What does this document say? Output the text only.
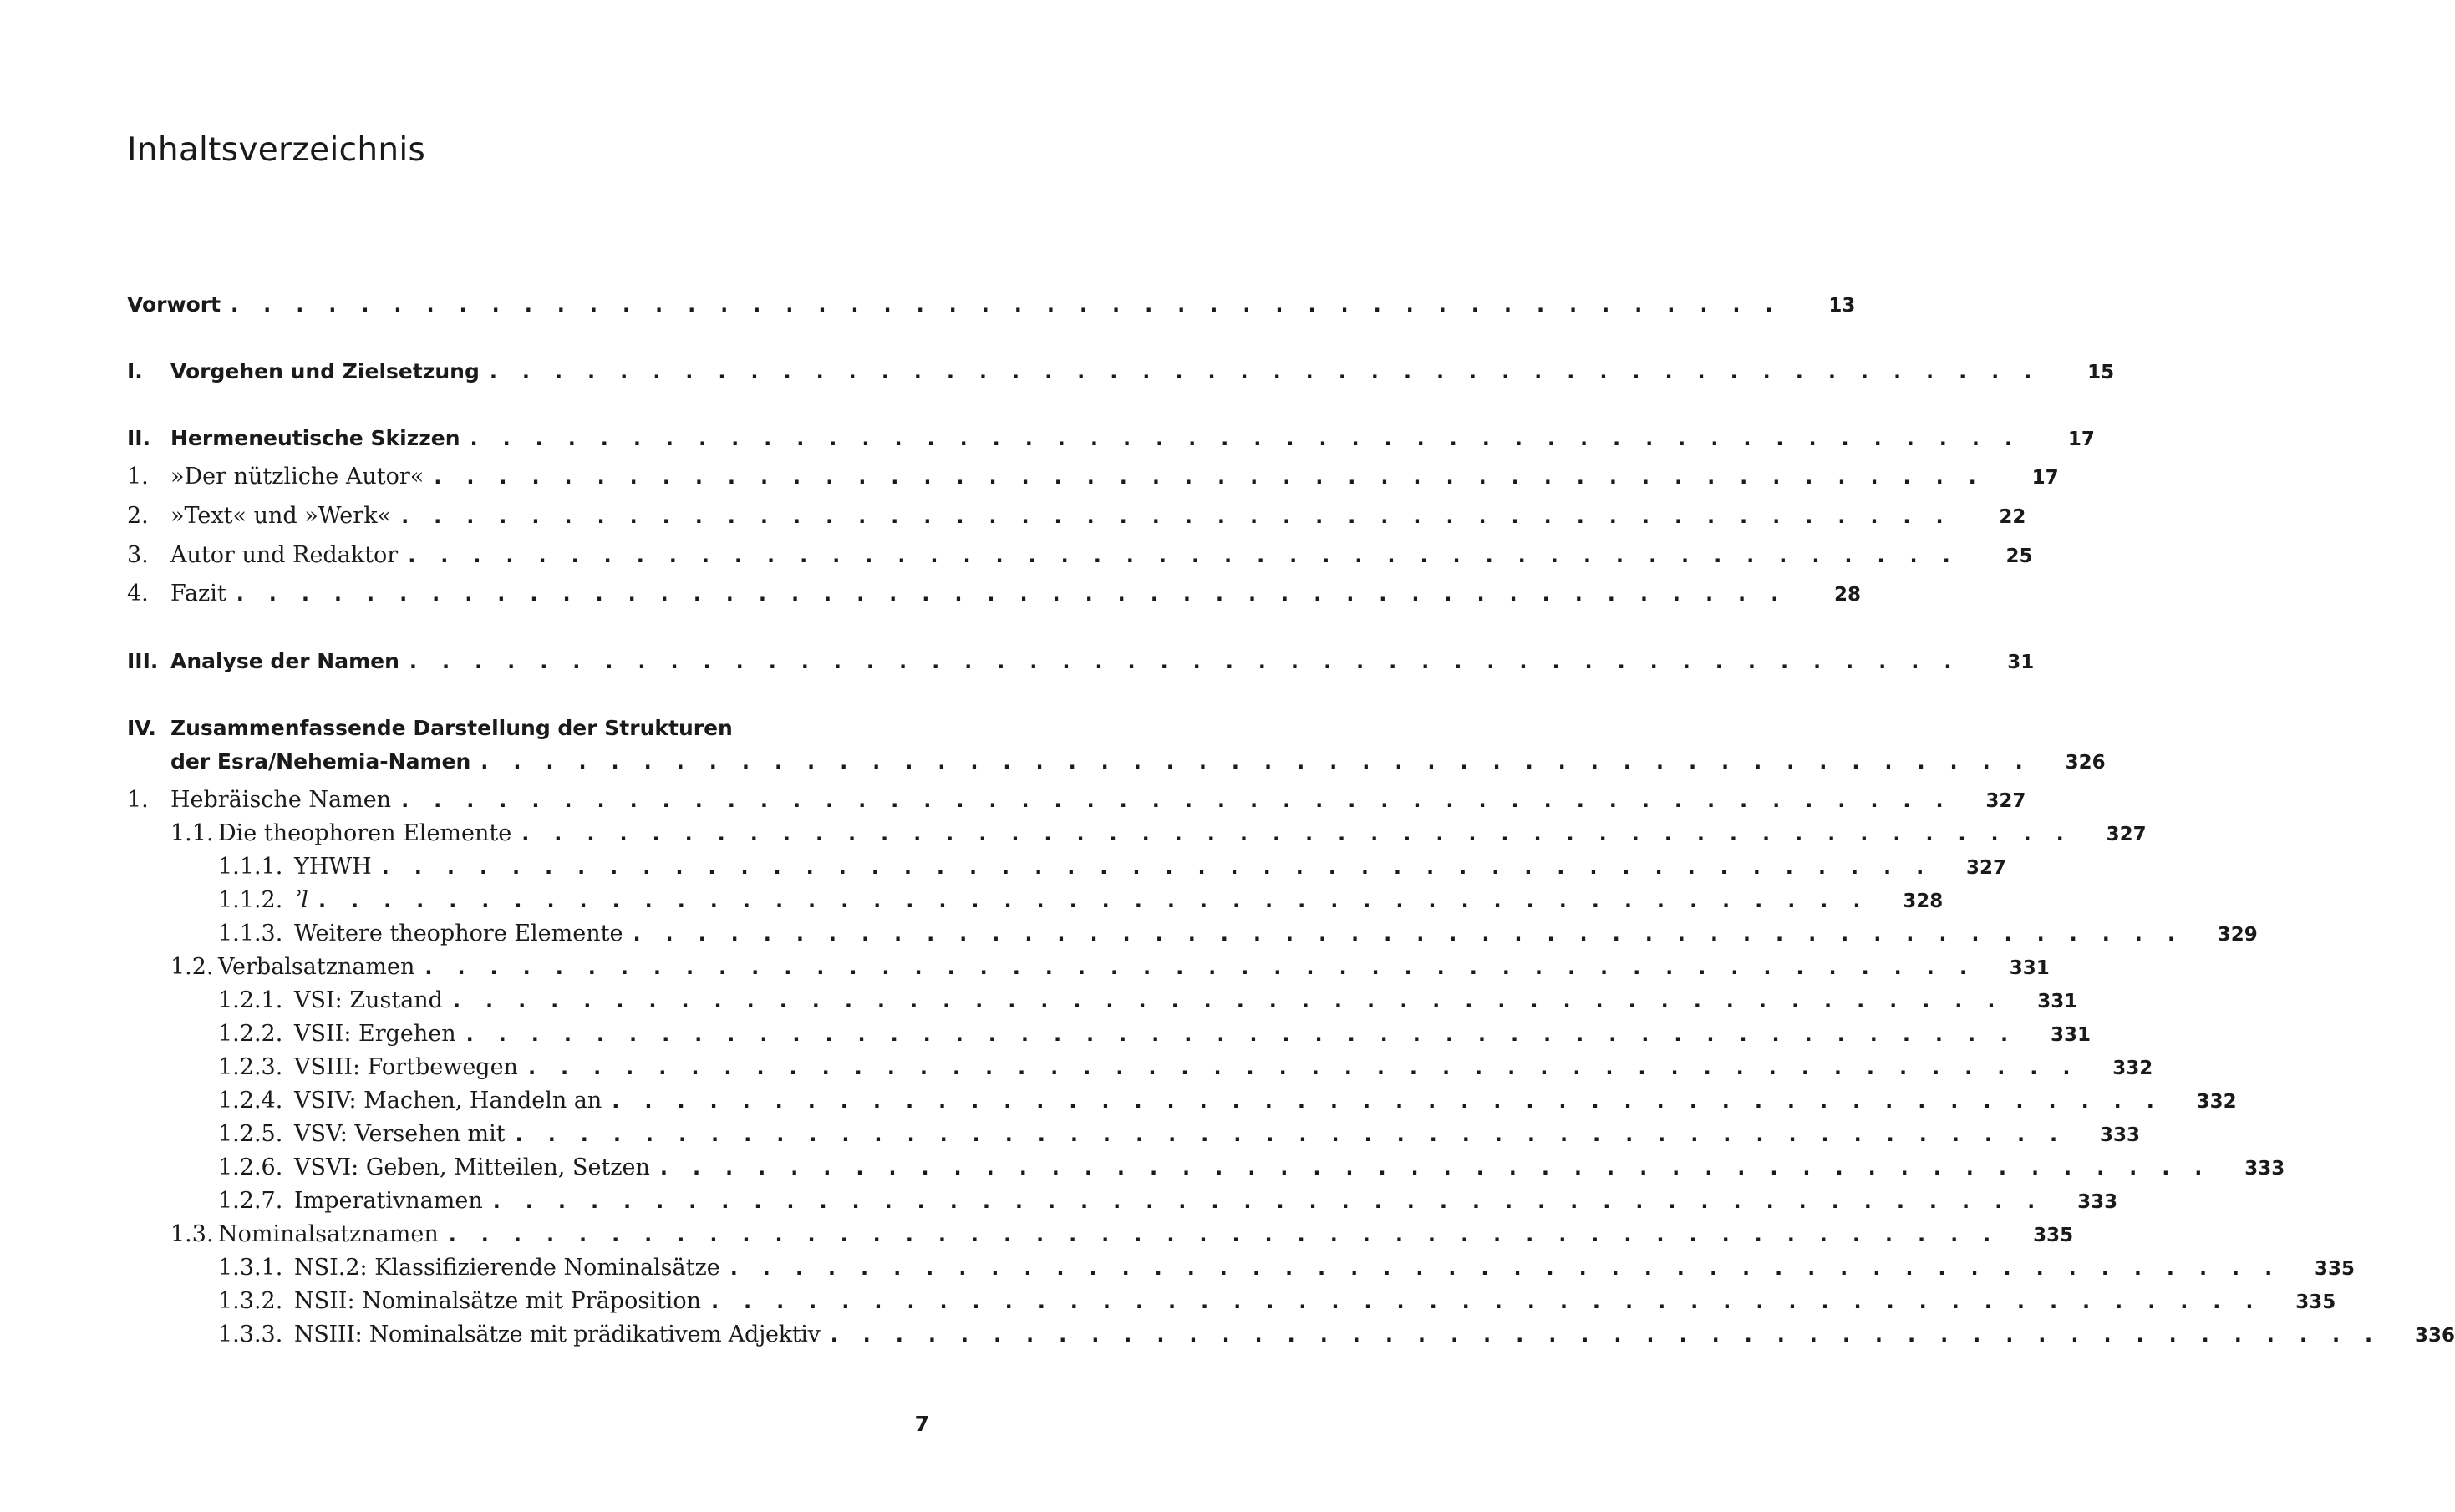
Inhaltsverzeichnis
Vorwort . . . . . . . . . . . . . . . . . . . . . . . . . . . . . . . . . . . . . . . . . . . . . . . .	13
I.	Vorgehen und Zielsetzung . . . . . . . . . . . . . . . . . . . . . . . . . . . . . . . . . . . . . . . . . . . . . . . .	15
II. Hermeneutische Skizzen . . . . . . . . . . . . . . . . . . . . . . . . . . . . . . . . . . . . . . . . . . . . . . . .	17
1. »Der nützliche Autor« . . . . . . . . . . . . . . . . . . . . . . . . . . . . . . . . . . . . . . . . . . . . . . . .	17
2. »Text« und »Werk« . . . . . . . . . . . . . . . . . . . . . . . . . . . . . . . . . . . . . . . . . . . . . . . .	22
3. Autor und Redaktor . . . . . . . . . . . . . . . . . . . . . . . . . . . . . . . . . . . . . . . . . . . . . . . .	25
4. Fazit . . . . . . . . . . . . . . . . . . . . . . . . . . . . . . . . . . . . . . . . . . . . . . . .	28
III. Analyse der Namen . . . . . . . . . . . . . . . . . . . . . . . . . . . . . . . . . . . . . . . . . . . . . . . .	31
IV. Zusammenfassende Darstellung der Strukturen
der Esra/Nehemia-Namen . . . . . . . . . . . . . . . . . . . . . . . . . . . . . . . . . . . . . . . . . . . . . . . . 326
1. Hebräische Namen . . . . . . . . . . . . . . . . . . . . . . . . . . . . . . . . . . . . . . . . . . . . . . . . 327
1.1. Die theophoren Elemente . . . . . . . . . . . . . . . . . . . . . . . . . . . . . . . . . . . . . . . . . . . . . . . . 327
1.1.1. YHWH . . . . . . . . . . . . . . . . . . . . . . . . . . . . . . . . . . . . . . . . . . . . . . . . 327
1.1.2. ʾl . . . . . . . . . . . . . . . . . . . . . . . . . . . . . . . . . . . . . . . . . . . . . . . . 328
1.1.3. Weitere theophore Elemente . . . . . . . . . . . . . . . . . . . . . . . . . . . . . . . . . . . . . . . . . . . . . . . . 329
1.2. Verbalsatznamen . . . . . . . . . . . . . . . . . . . . . . . . . . . . . . . . . . . . . . . . . . . . . . . . 331
1.2.1. VSI: Zustand . . . . . . . . . . . . . . . . . . . . . . . . . . . . . . . . . . . . . . . . . . . . . . . . 331
1.2.2. VSII: Ergehen . . . . . . . . . . . . . . . . . . . . . . . . . . . . . . . . . . . . . . . . . . . . . . . . 331
1.2.3. VSIII: Fortbewegen . . . . . . . . . . . . . . . . . . . . . . . . . . . . . . . . . . . . . . . . . . . . . . . . 332
1.2.4. VSIV: Machen, Handeln an . . . . . . . . . . . . . . . . . . . . . . . . . . . . . . . . . . . . . . . . . . . . . . . . 332
1.2.5. VSV: Versehen mit . . . . . . . . . . . . . . . . . . . . . . . . . . . . . . . . . . . . . . . . . . . . . . . . 333
1.2.6. VSVI: Geben, Mitteilen, Setzen . . . . . . . . . . . . . . . . . . . . . . . . . . . . . . . . . . . . . . . . . . . . . . . . 333
1.2.7. Imperativnamen . . . . . . . . . . . . . . . . . . . . . . . . . . . . . . . . . . . . . . . . . . . . . . . . 333
1.3. Nominalsatznamen . . . . . . . . . . . . . . . . . . . . . . . . . . . . . . . . . . . . . . . . . . . . . . . . 335
1.3.1. NSI.2: Klassifizierende Nominalsätze . . . . . . . . . . . . . . . . . . . . . . . . . . . . . . . . . . . . . . . . . . . . . . . . 335
1.3.2. NSII: Nominalsätze mit Präposition . . . . . . . . . . . . . . . . . . . . . . . . . . . . . . . . . . . . . . . . . . . . . . . . 335
1.3.3. NSIII: Nominalsätze mit prädikativem Adjektiv . . . . . . . . . . . . . . . . . . . . . . . . . . . . . . . . . . . . . . . . . . . . . . . . 336
7
